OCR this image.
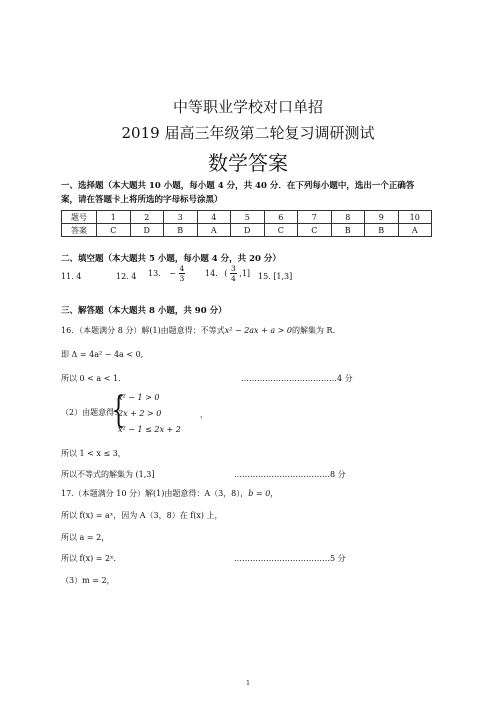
中等职业学校对口单招
2019 届高三年级第二轮复习调研测试
数学答案
一、选择题（本大题共 10 小题，每小题 4 分，共 40 分．在下列每小题中，选出一个正确答
案，请在答题卡上将所选的字母标号涂黑）
题号	1	2	3	4	5	6	7	8	9	10
答案	C	D	B	A	D	C	C	B	B	A
二、填空题（本大题共 5 小题，每小题 4 分，共 20 分）
11. 4	12. 4 13. − $\frac{4}{3} 14$. ( $\frac{3}{4} ,1$] 15. [1,3]
三、解答题（本大题共 8 小题，共 90 分）
16．（本题满分 8 分）解(1)由题意得：不等式x² − 2ax + a > 0的解集为 R.
即 Δ = 4a² − 4a < 0,
所以 0 < a < 1．	………………………………4 分
（2）由题意得：
{
x² − 1 > 0
2x + 2 > 0
x² − 1 ≤ 2x + 2
，
所以 1 < x ≤ 3，
所以不等式的解集为 (1,3]	………………………………8 分
17.（本题满分 10 分）解(1)由题意得：A（3，8），b = 0，
所以 f(x) = aˣ，因为 A（3，8）在 f(x) 上，
所以 a = 2，
所以 f(x) = 2ˣ．	………………………………5 分
（3）m = 2，
1
